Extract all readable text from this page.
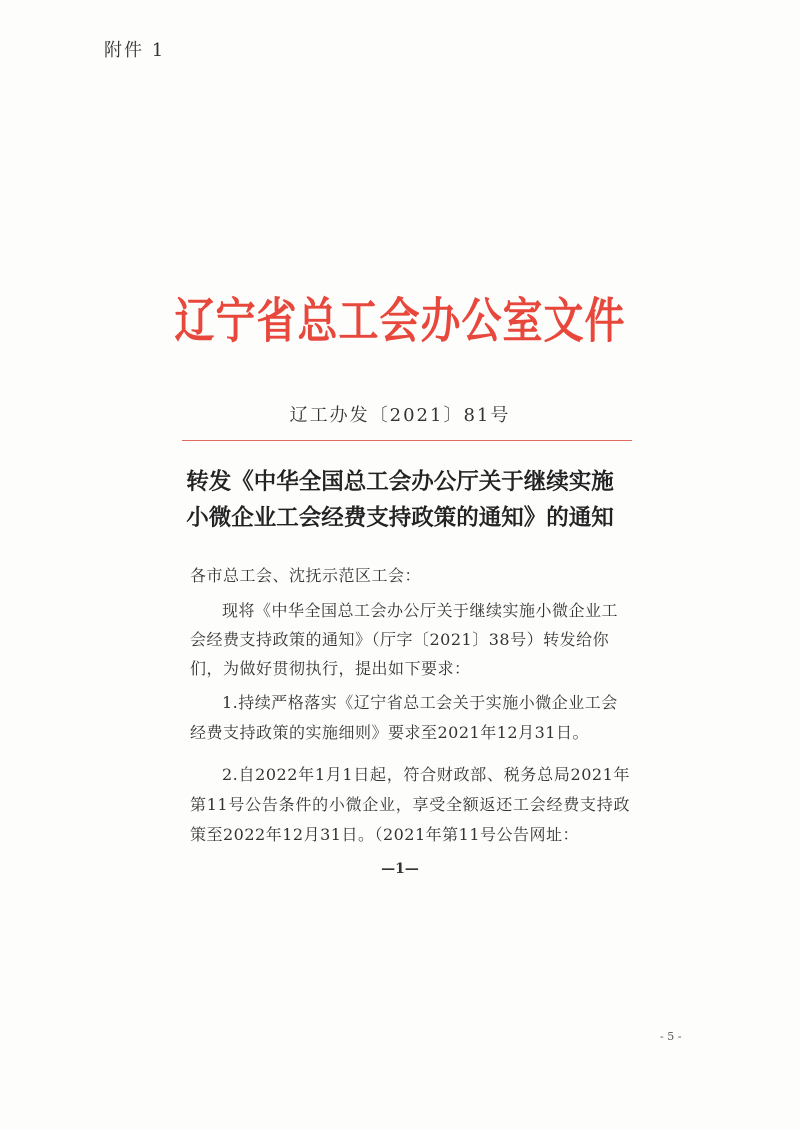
附件 1
辽宁省总工会办公室文件
辽工办发〔2021〕81号
转发《中华全国总工会办公厅关于继续实施
小微企业工会经费支持政策的通知》的通知
各市总工会、沈抚示范区工会：
现将《中华全国总工会办公厅关于继续实施小微企业工会经费支持政策的通知》（厅字〔2021〕38号）转发给你们，为做好贯彻执行，提出如下要求：
1.持续严格落实《辽宁省总工会关于实施小微企业工会经费支持政策的实施细则》要求至2021年12月31日。
2.自2022年1月1日起，符合财政部、税务总局2021年第11号公告条件的小微企业，享受全额返还工会经费支持政策至2022年12月31日。（2021年第11号公告网址：
—1—
- 5 -
